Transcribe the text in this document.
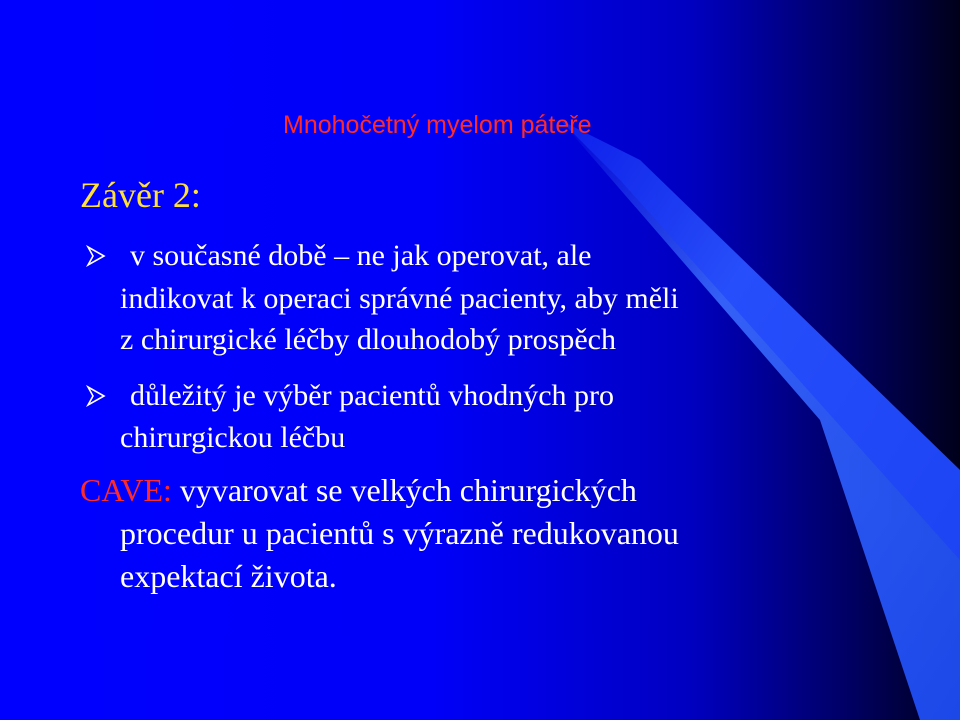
Mnohočetný myelom páteře
Závěr 2:
v současné době – ne jak operovat, ale
indikovat k operaci správné pacienty, aby měli
z chirurgické léčby dlouhodobý prospěch
důležitý je výběr pacientů vhodných pro
chirurgickou léčbu
CAVE: vyvarovat se velkých chirurgických
procedur u pacientů s výrazně redukovanou
expektací života.
